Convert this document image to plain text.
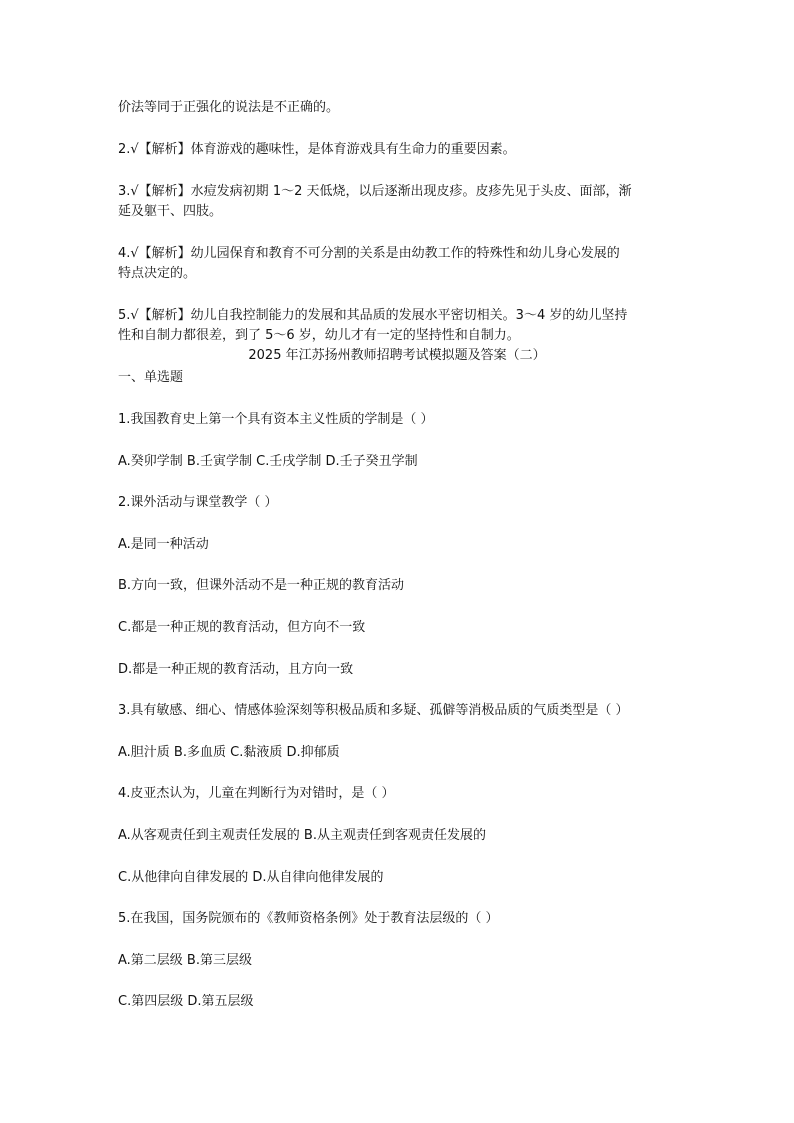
价法等同于正强化的说法是不正确的。
2.√【解析】体育游戏的趣味性，是体育游戏具有生命力的重要因素。
3.√【解析】水痘发病初期 1～2 天低烧，以后逐渐出现皮疹。皮疹先见于头皮、面部，渐
延及躯干、四肢。
4.√【解析】幼儿园保育和教育不可分割的关系是由幼教工作的特殊性和幼儿身心发展的
特点决定的。
5.√【解析】幼儿自我控制能力的发展和其品质的发展水平密切相关。3～4 岁的幼儿坚持
性和自制力都很差，到了 5～6 岁，幼儿才有一定的坚持性和自制力。
2025 年江苏扬州教师招聘考试模拟题及答案（二）
一、单选题
1.我国教育史上第一个具有资本主义性质的学制是（ ）
A.癸卯学制 B.壬寅学制 C.壬戌学制 D.壬子癸丑学制
2.课外活动与课堂教学（ ）
A.是同一种活动
B.方向一致，但课外活动不是一种正规的教育活动
C.都是一种正规的教育活动，但方向不一致
D.都是一种正规的教育活动，且方向一致
3.具有敏感、细心、情感体验深刻等积极品质和多疑、孤僻等消极品质的气质类型是（ ）
A.胆汁质 B.多血质 C.黏液质 D.抑郁质
4.皮亚杰认为，儿童在判断行为对错时，是（ ）
A.从客观责任到主观责任发展的 B.从主观责任到客观责任发展的
C.从他律向自律发展的 D.从自律向他律发展的
5.在我国，国务院颁布的《教师资格条例》处于教育法层级的（ ）
A.第二层级 B.第三层级
C.第四层级 D.第五层级
